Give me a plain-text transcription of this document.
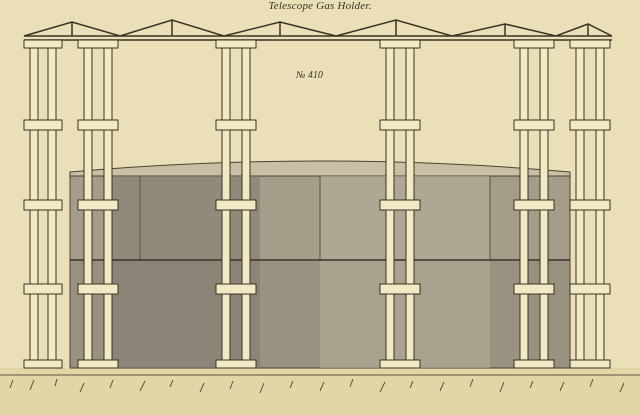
Telescope Gas Holder.
№ 410
